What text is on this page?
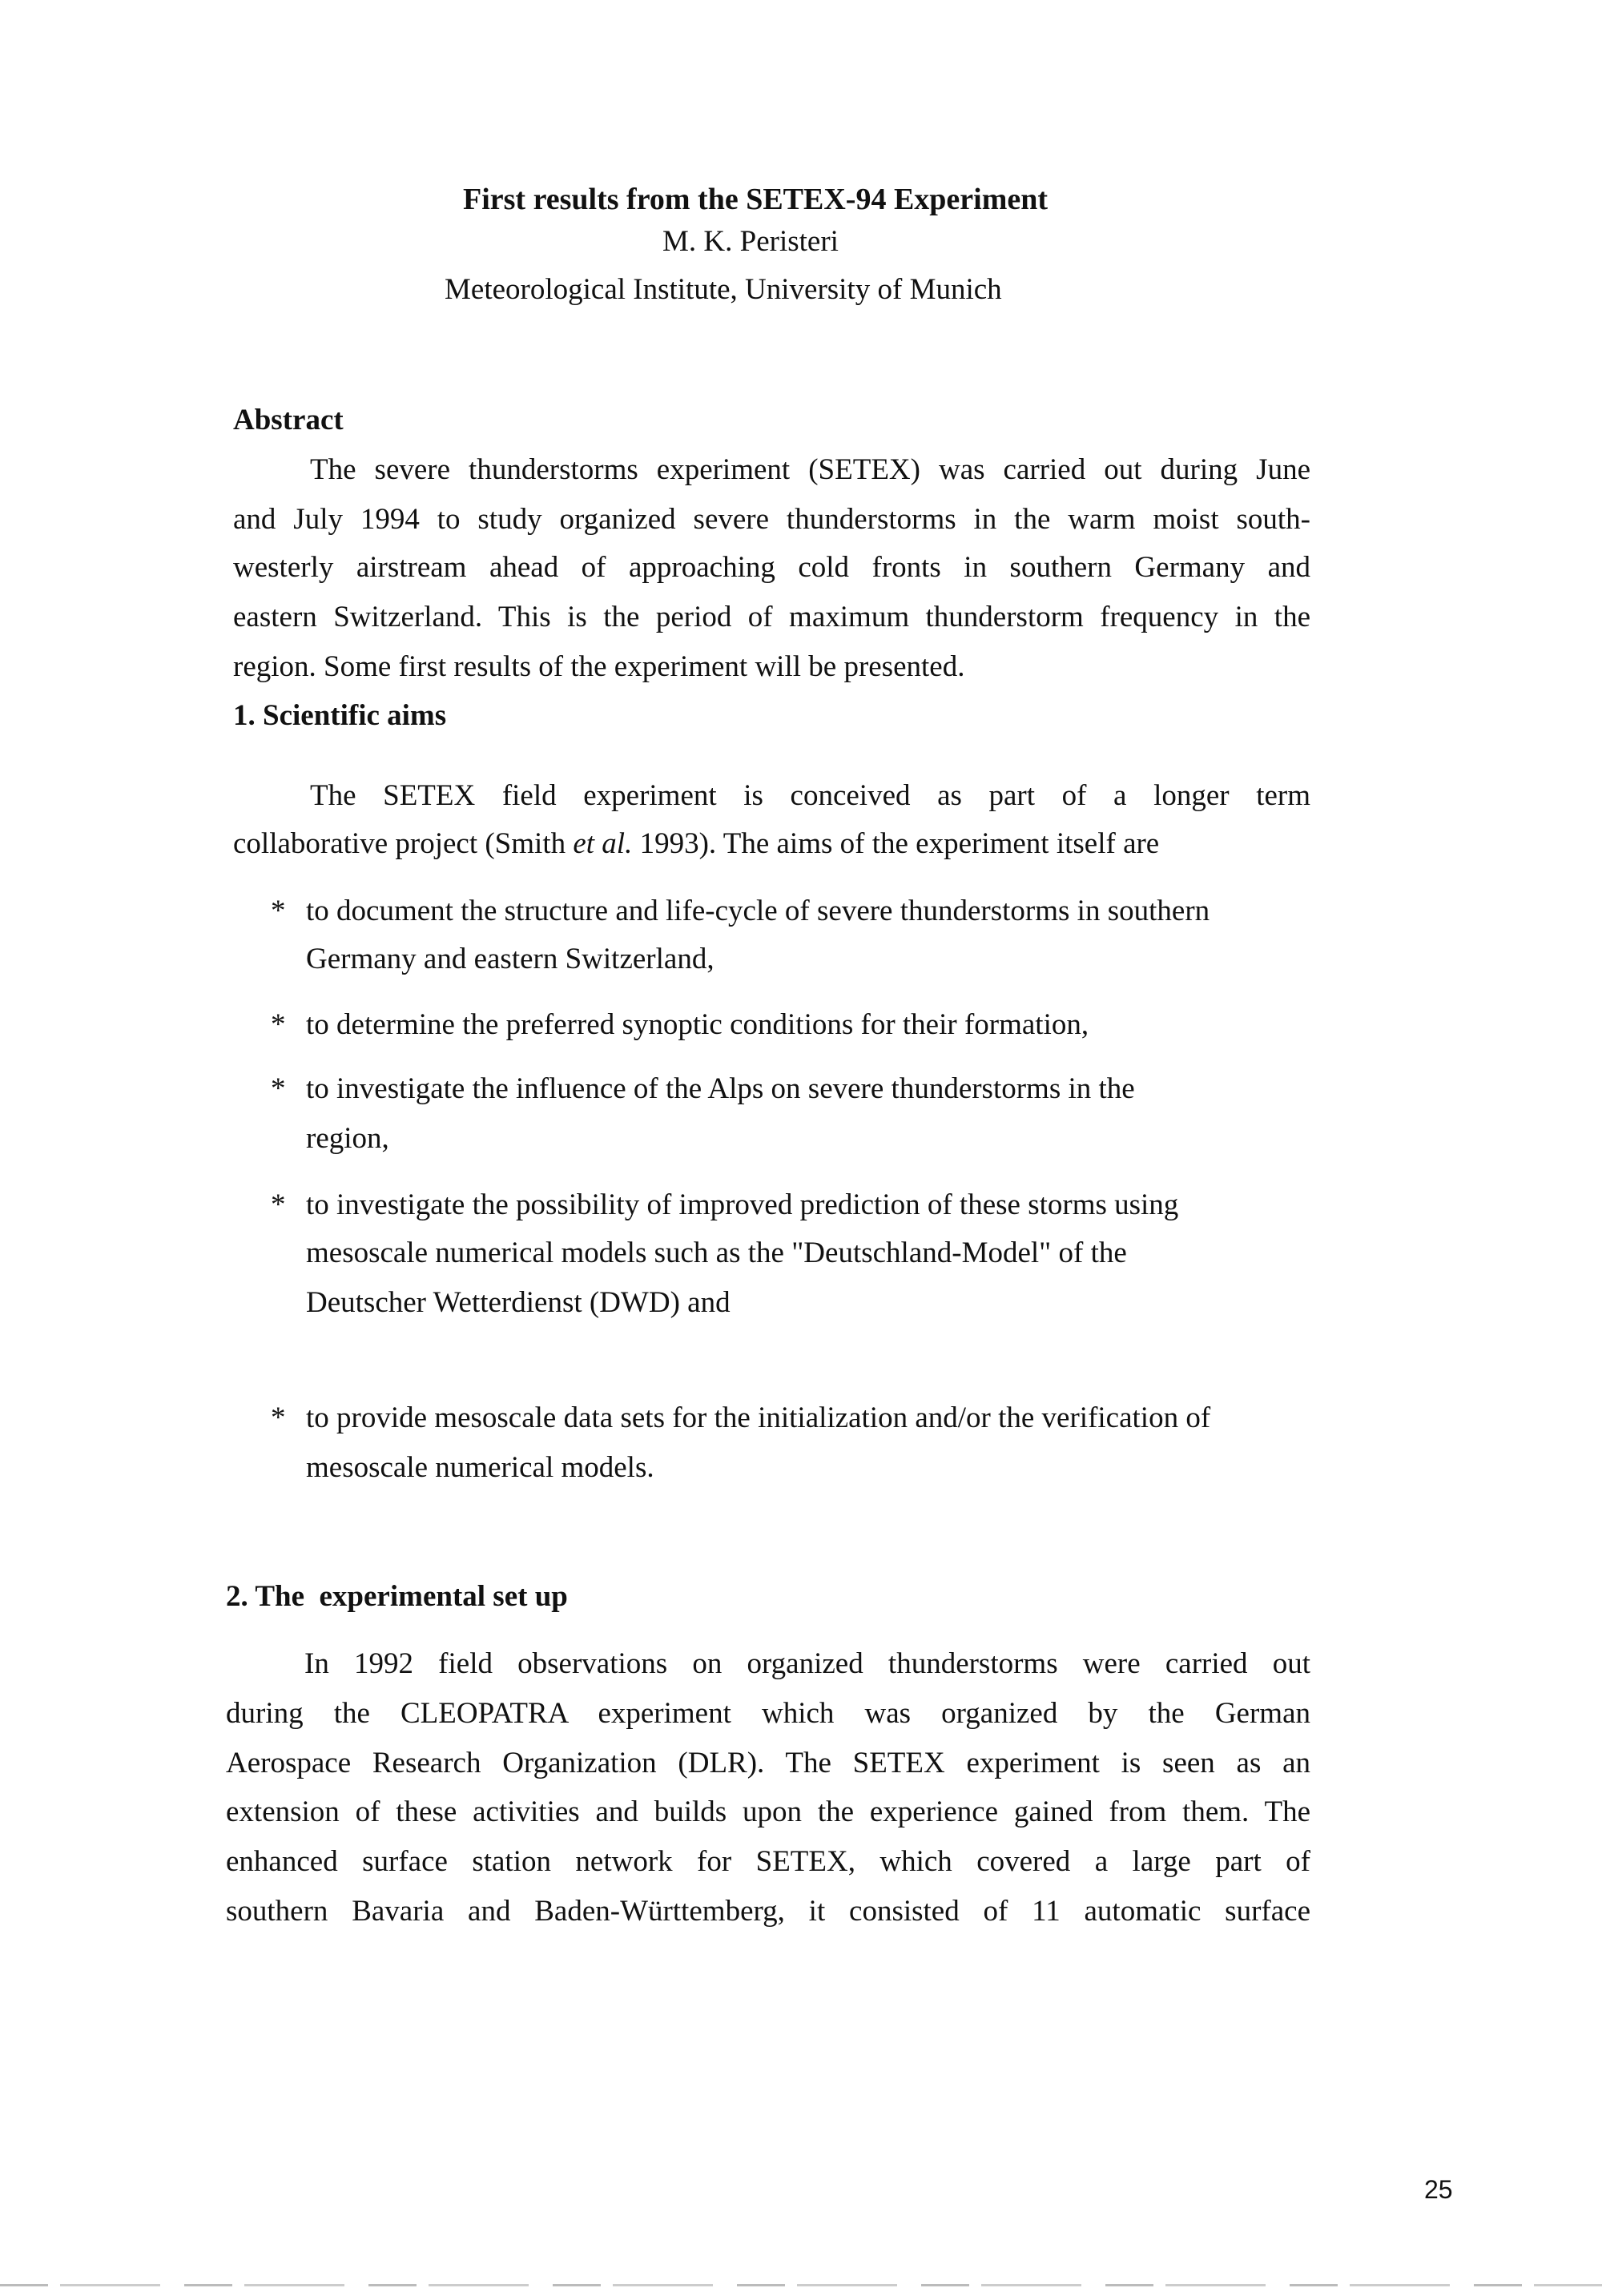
First results from the SETEX-94 Experiment
M. K. Peristeri
Meteorological Institute, University of Munich
Abstract
The severe thunderstorms experiment (SETEX) was carried out during June
and July 1994 to study organized severe thunderstorms in the warm moist south-
westerly airstream ahead of approaching cold fronts in southern Germany and
eastern Switzerland. This is the period of maximum thunderstorm frequency in the
region. Some first results of the experiment will be presented.
1. Scientific aims
The SETEX field experiment is conceived as part of a longer term
collaborative project (Smith et al. 1993). The aims of the experiment itself are
* to document the structure and life-cycle of severe thunderstorms in southern
Germany and eastern Switzerland,
* to determine the preferred synoptic conditions for their formation,
* to investigate the influence of the Alps on severe thunderstorms in the
region,
* to investigate the possibility of improved prediction of these storms using
mesoscale numerical models such as the "Deutschland-Model" of the
Deutscher Wetterdienst (DWD) and
* to provide mesoscale data sets for the initialization and/or the verification of
mesoscale numerical models.
2. The  experimental set up
In 1992 field observations on organized thunderstorms were carried out
during the CLEOPATRA experiment which was organized by the German
Aerospace Research Organization (DLR). The SETEX experiment is seen as an
extension of these activities and builds upon the experience gained from them. The
enhanced surface station network for SETEX, which covered a large part of
southern Bavaria and Baden-Württemberg, it consisted of 11 automatic surface
25
